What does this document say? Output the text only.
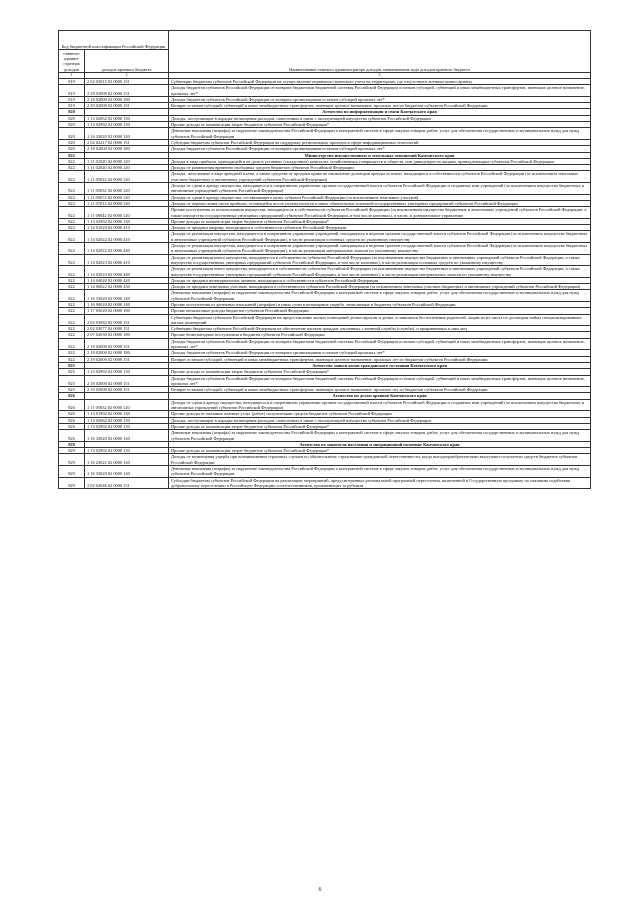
Код бюджетной классификации Российской Федерации		Наименование главного администратора доходов, наименование кода доходов краевого бюджета
главного админи-стратора доходов	доходов краевого бюджета	
1	2	3
819	2 02 03015 02 0000 151	Субвенции бюджетам субъектов Российской Федерации на осуществление первичного воинского учета на территориях, где отсутствуют военные комиссариаты
819	2 18 02000 02 0000 151	Доходы бюджетов субъектов Российской Федерации от возврата бюджетами бюджетной системы Российской Федерации остатков субсидий, субвенций и иных межбюджетных трансфертов, имеющих целевое назначение, прошлых лет*
819	2 18 02000 02 0000 180	Доходы бюджетов субъектов Российской Федерации от возврата организациями остатков субсидий прошлых лет*
819	2 19 02000 02 0000 151	Возврат остатков субсидий, субвенций и иных межбюджетных трансфертов, имеющих целевое назначение, прошлых лет из бюджетов субъектов Российской Федерации
820		Агентство по информатизации и связи Камчатского края
820	1 13 02062 02 0000 130	Доходы, поступающие в порядке возмещения расходов, понесенных в связи с эксплуатацией имущества субъектов Российской Федерации
820	1 13 02992 02 0000 130	Прочие доходы от компенсации затрат бюджетов субъектов Российской Федерации*
820	1 16 33020 02 0000 140	Денежные взыскания (штрафы) за нарушение законодательства Российской Федерации о контрактной системе в сфере закупок товаров, работ, услуг для обеспечения государственных и муниципальных нужд для нужд субъектов Российской Федерации
820	2 02 02217 02 0000 151	Субсидии бюджетам субъектов Российской Федерации на поддержку региональных проектов в сфере информационных технологий
820	2 18 02000 02 0000 180	Доходы бюджетов субъектов Российской Федерации от возврата организациями остатков субсидий прошлых лет*
822		Министерство имущественных и земельных отношений Камчатского края
822	1 11 01020 02 0000 120	Доходы в виде прибыли, приходящейся на доли в уставных (складочных) капиталах хозяйственных товариществ и обществ, или дивидендов по акциям, принадлежащим субъектам Российской Федерации
822	1 11 02020 02 0000 120	Доходы от размещения временно свободных средств бюджетов субъектов Российской Федерации
822	1 11 05022 02 0000 120	Доходы, получаемые в виде арендной платы, а также средства от продажи права на заключение договоров аренды за земли, находящиеся в собственности субъектов Российской Федерации (за исключением земельных участков бюджетных и автономных учреждений субъектов Российской Федерации)
822	1 11 05032 02 0000 120	Доходы от сдачи в аренду имущества, находящегося в оперативном управлении органов государственной власти субъектов Российской Федерации и созданных ими учреждений (за исключением имущества бюджетных и автономных учреждений субъектов Российской Федерации)
822	1 11 05072 02 0000 120	Доходы от сдачи в аренду имущества, составляющего казну субъекта Российской Федерации (за исключением земельных участков)
822	1 11 07012 02 0000 120	Доходы от перечисления части прибыли, остающейся после уплаты налогов и иных обязательных платежей государственных унитарных предприятий субъектов Российской Федерации
822	1 11 09042 02 0000 120	Прочие поступления от использования имущества, находящегося в собственности субъектов Российской Федерации (за исключением имущества бюджетных и автономных учреждений субъектов Российской Федерации, а также имущества государственных унитарных предприятий субъектов Российской Федерации, в том числе казенных), в части, в доверительное управление
822	1 13 02992 02 0000 130	Прочие доходы от компенсации затрат бюджетов субъектов Российской Федерации*
822	1 14 01020 02 0000 410	Доходы от продажи квартир, находящихся в собственности субъектов Российской Федерации
822	1 14 02022 02 0000 410	Доходы от реализации имущества, находящегося в оперативном управлении учреждений, находящихся в ведении органов государственной власти субъектов Российской Федерации (за исключением имущества бюджетных и автономных учреждений субъектов Российской Федерации), в части реализации основных средств по указанному имуществу
822	1 14 02022 02 0000 440	Доходы от реализации имущества, находящегося в оперативном управлении учреждений, находящихся в ведении органов государственной власти субъектов Российской Федерации (за исключением имущества бюджетных и автономных учреждений субъектов Российской Федерации), в части реализации материальных запасов по указанному имуществу
822	1 14 02023 02 0000 410	Доходы от реализации иного имущества, находящегося в собственности субъектов Российской Федерации (за исключением имущества бюджетных и автономных учреждений субъектов Российской Федерации, а также имущества государственных унитарных предприятий субъектов Российской Федерации, в том числе казенных), в части реализации основных средств по указанному имуществу
822	1 14 02023 02 0000 440	Доходы от реализации иного имущества, находящегося в собственности субъектов Российской Федерации (за исключением имущества бюджетных и автономных учреждений субъектов Российской Федерации, а также имущества государственных унитарных предприятий субъектов Российской Федерации, в том числе казенных), в части реализации материальных запасов по указанному имуществу
822	1 14 04020 02 0000 420	Доходы от продажи нематериальных активов, находящихся в собственности субъектов Российской Федерации
822	1 14 06022 02 0000 430	Доходы от продажи земельных участков, находящихся в собственности субъектов Российской Федерации (за исключением земельных участков бюджетных и автономных учреждений субъектов Российской Федерации)
822	1 16 33020 02 0000 140	Денежные взыскания (штрафы) за нарушение законодательства Российской Федерации о контрактной системе в сфере закупок товаров, работ, услуг для обеспечения государственных и муниципальных нужд для нужд субъектов Российской Федерации
822	1 16 90020 02 0000 140	Прочие поступления от денежных взысканий (штрафов) и иных сумм в возмещение ущерба, зачисляемые в бюджеты субъектов Российской Федерации
822	1 17 05020 02 0000 180	Прочие неналоговые доходы бюджетов субъектов Российской Федерации
822	2 02 03082 02 0000 151	Субвенции бюджетам субъектов Российской Федерации на предоставление жилых помещений детям-сиротам и детям, оставшимся без попечения родителей, лицам из их числа по договорам найма специализированных жилых помещений
822	2 02 03077 02 0000 151	Субвенции бюджетам субъектов Российской Федерации на обеспечение жильем граждан, уволенных с военной службы (службы), и приравненных к ним лиц
822	2 07 02030 02 0000 180	Прочие безвозмездные поступления в бюджеты субъектов Российской Федерации
822	2 18 02000 02 0000 151	Доходы бюджетов субъектов Российской Федерации от возврата бюджетами бюджетной системы Российской Федерации остатков субсидий, субвенций и иных межбюджетных трансфертов, имеющих целевое назначение, прошлых лет*
822	2 18 02000 02 0000 180	Доходы бюджетов субъектов Российской Федерации от возврата организациями остатков субсидий прошлых лет*
822	2 19 02000 02 0000 151	Возврат остатков субсидий, субвенций и иных межбюджетных трансфертов, имеющих целевое назначение, прошлых лет из бюджетов субъектов Российской Федерации
825		Агентство записи актов гражданского состояния Камчатского края
825	1 13 02992 02 0000 130	Прочие доходы от компенсации затрат бюджетов субъектов Российской Федерации*
825	2 18 02000 02 0000 151	Доходы бюджетов субъектов Российской Федерации от возврата бюджетами бюджетной системы Российской Федерации остатков субсидий, субвенций и иных межбюджетных трансфертов, имеющих целевое назначение, прошлых лет*
825	2 19 02000 02 0000 151	Возврат остатков субсидий, субвенций и иных межбюджетных трансфертов, имеющих целевое назначение, прошлых лет из бюджетов субъектов Российской Федерации
826		Агентство по делам архивов Камчатского края
826	1 11 05032 02 0000 120	Доходы от сдачи в аренду имущества, находящегося в оперативном управлении органов государственной власти субъектов Российской Федерации и созданных ими учреждений (за исключением имущества бюджетных и автономных учреждений субъектов Российской Федерации)
826	1 13 01992 02 0000 130	Прочие доходы от оказания платных услуг (работ) получателями средств бюджетов субъектов Российской Федерации
826	1 13 02062 02 0000 130	Доходы, поступающие в порядке возмещения расходов, понесенных в связи с эксплуатацией имущества субъектов Российской Федерации
826	1 13 02992 02 0000 130	Прочие доходы от компенсации затрат бюджетов субъектов Российской Федерации*
826	1 16 33020 02 0000 140	Денежные взыскания (штрафы) за нарушение законодательства Российской Федерации о контрактной системе в сфере закупок товаров, работ, услуг для обеспечения государственных и муниципальных нужд для нужд субъектов Российской Федерации
829		Агентство по занятости населения и миграционной политике Камчатского края
829	1 13 02992 02 0000 130	Прочие доходы от компенсации затрат бюджетов субъектов Российской Федерации*
829	1 16 23021 02 0000 140	Доходы от возмещения ущерба при возникновении страховых случаев по обязательному страхованию гражданской ответственности, когда выгодоприобретателями выступают получатели средств бюджетов субъектов Российской Федерации
829	1 16 33020 02 0000 140	Денежные взыскания (штрафы) за нарушение законодательства Российской Федерации о контрактной системе в сфере закупок товаров, работ, услуг для обеспечения государственных и муниципальных нужд для нужд субъектов Российской Федерации
829	2 02 02046 02 0000 151	Субсидии бюджетам субъектов Российской Федерации на реализацию мероприятий, предусмотренных региональной программой переселения, включенной в Государственную программу по оказанию содействия добровольному переселению в Российскую Федерацию соотечественников, проживающих за рубежом
6
